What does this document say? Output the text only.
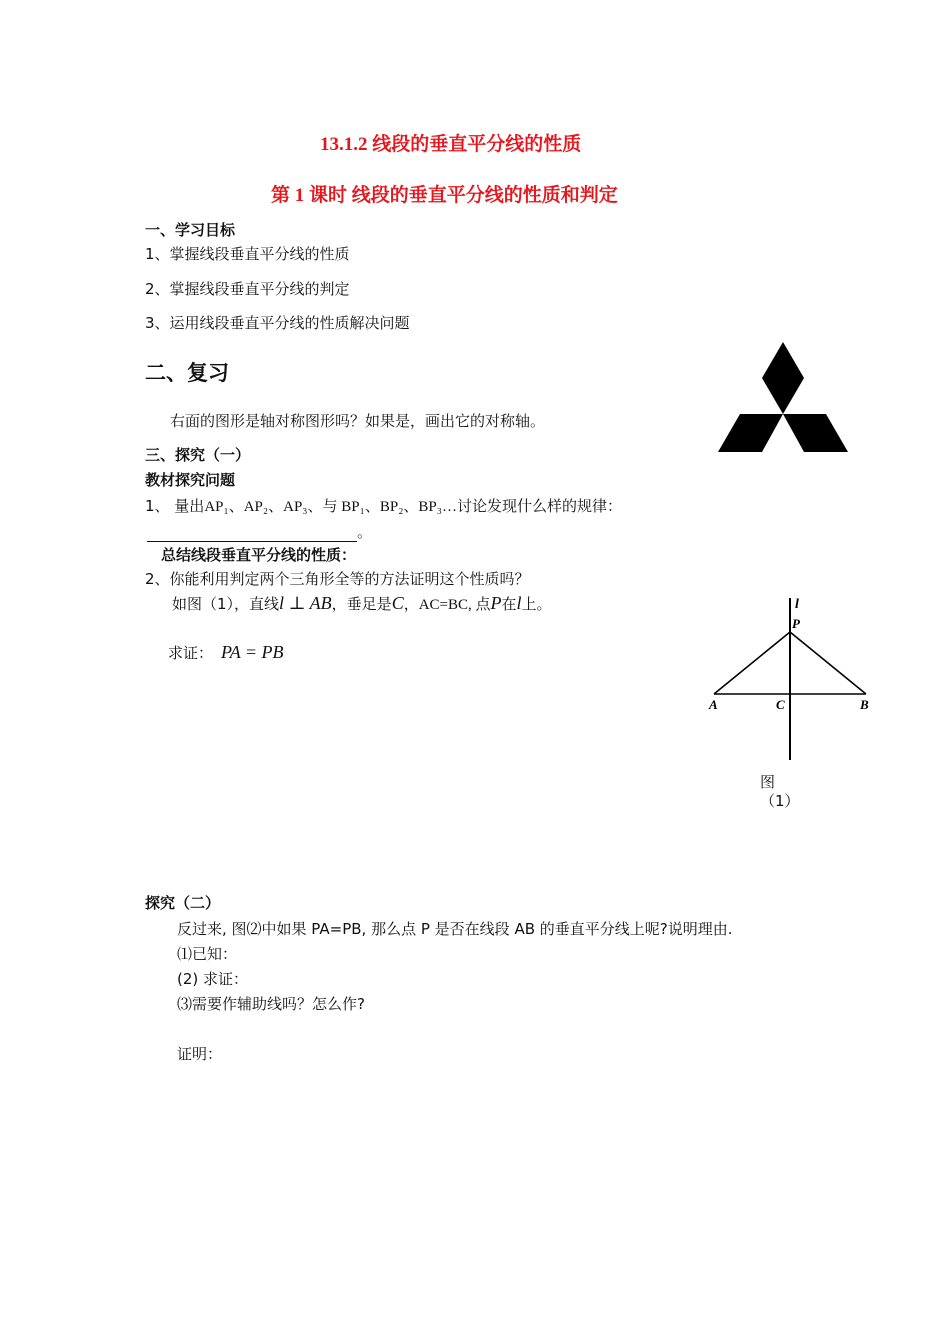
13.1.2 线段的垂直平分线的性质
第 1 课时 线段的垂直平分线的性质和判定
一、学习目标
1、掌握线段垂直平分线的性质
2、掌握线段垂直平分线的判定
3、运用线段垂直平分线的性质解决问题
二、复习
右面的图形是轴对称图形吗？如果是，画出它的对称轴。
三、探究（一）
教材探究问题
1、 量出AP₁、AP₂、AP₃、与 BP₁、BP₂、BP₃…讨论发现什么样的规律：
。
总结线段垂直平分线的性质：
2、你能利用判定两个三角形全等的方法证明这个性质吗？
如图（1），直线l ⊥ AB，垂足是C，AC=BC, 点P在l上。
求证： PA = PB
l
P
A	C	B
图
（1）
探究（二）
反过来, 图⑵中如果 PA=PB, 那么点 P 是否在线段 AB 的垂直平分线上呢?说明理由.
⑴已知：
(2) 求证：
⑶需要作辅助线吗？怎么作?
证明：
